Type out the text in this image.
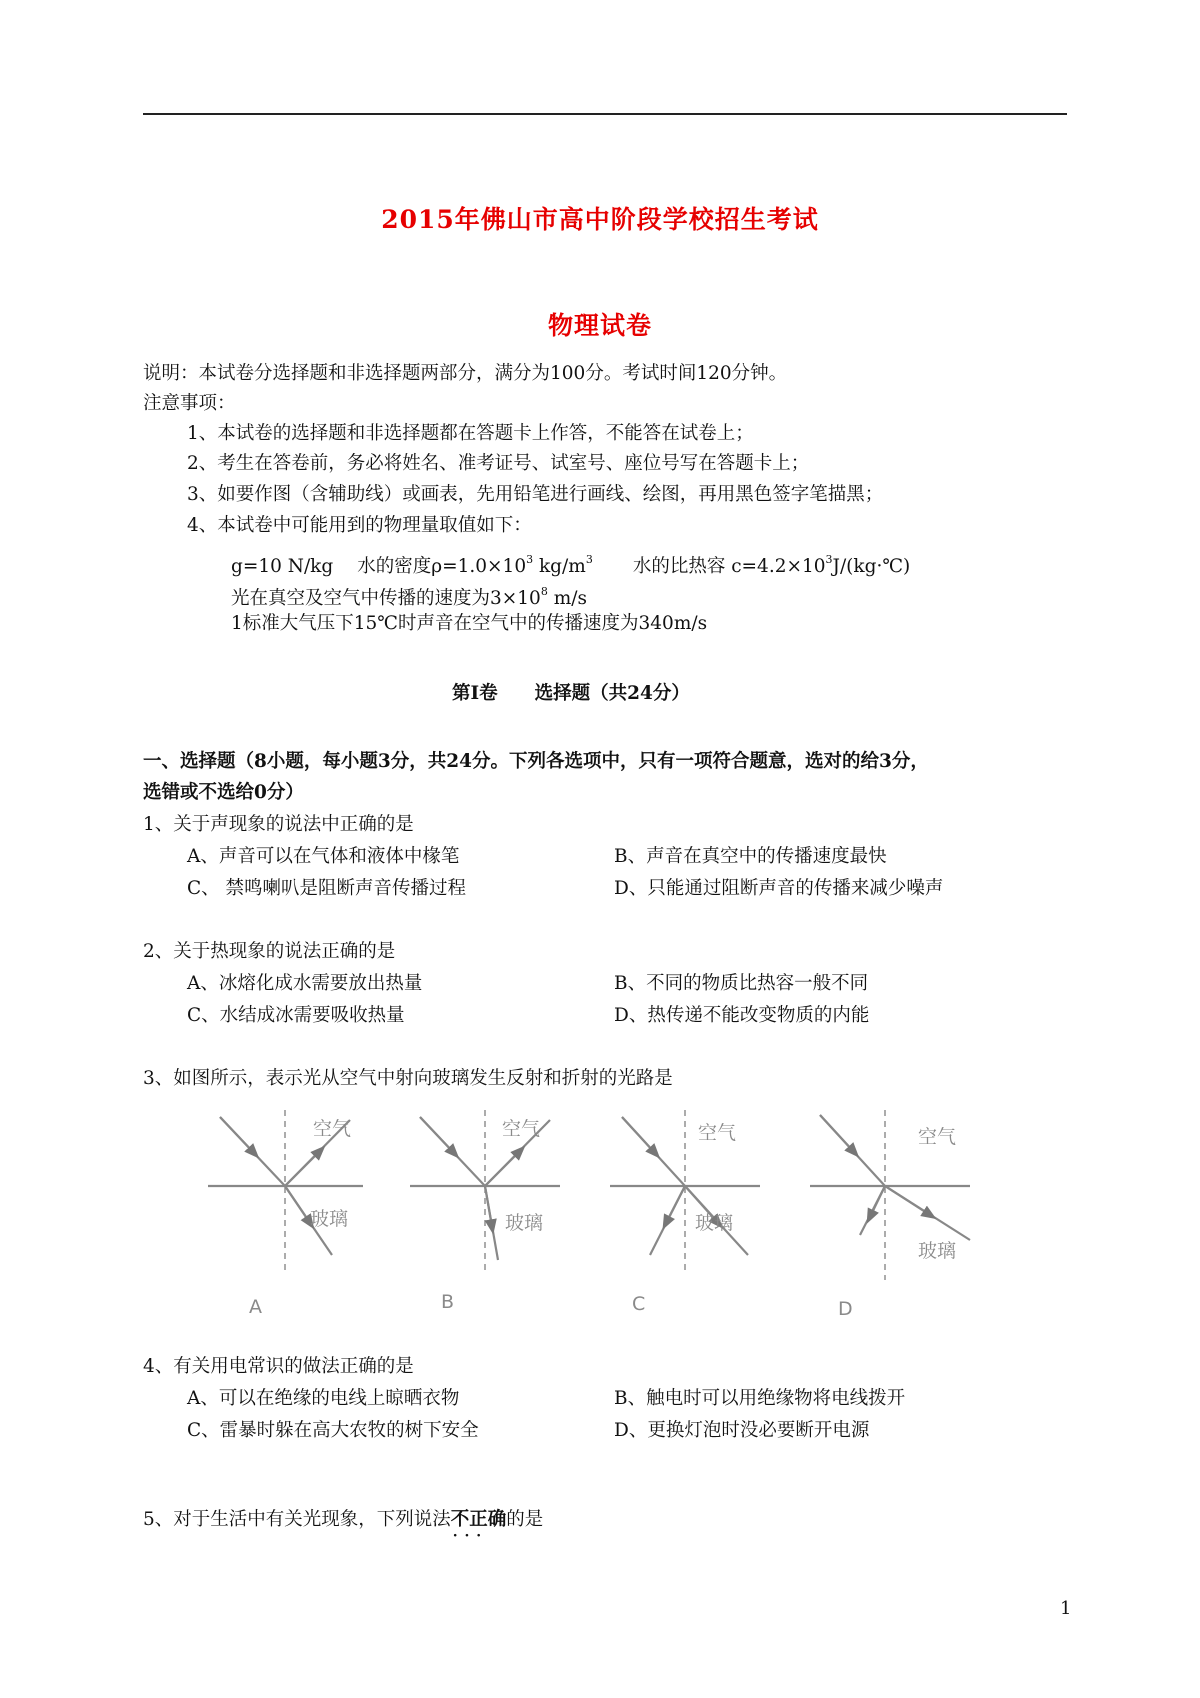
2015年佛山市高中阶段学校招生考试
物理试卷
说明：本试卷分选择题和非选择题两部分，满分为100分。考试时间120分钟。
注意事项：
1、本试卷的选择题和非选择题都在答题卡上作答，不能答在试卷上；
2、考生在答卷前，务必将姓名、准考证号、试室号、座位号写在答题卡上；
3、如要作图（含辅助线）或画表，先用铅笔进行画线、绘图，再用黑色签字笔描黑；
4、本试卷中可能用到的物理量取值如下：
g=10 N/kg 水的密度$\rho=1.0\times 10^3$ $kg/m^3$ 水的比热容 $c=4.2\times 10^3J/(kg\cdot℃)$
光在真空及空气中传播的速度为$3\times 10^8$ m/s
1标准大气压下15℃时声音在空气中的传播速度为340m/s
第Ⅰ卷　　选择题（共24分）
一、选择题（8小题，每小题3分，共24分。下列各选项中，只有一项符合题意，选对的给3分，
选错或不选给0分）
1、关于声现象的说法中正确的是
A、声音可以在气体和液体中椽笔	B、声音在真空中的传播速度最快
C、 禁鸣喇叭是阻断声音传播过程	D、只能通过阻断声音的传播来减少噪声
2、关于热现象的说法正确的是
A、冰熔化成水需要放出热量	B、不同的物质比热容一般不同
C、水结成冰需要吸收热量	D、热传递不能改变物质的内能
3、如图所示，表示光从空气中射向玻璃发生反射和折射的光路是
空气
玻璃
A
空气
玻璃
B
空气
玻璃
C
空气
玻璃
D
4、有关用电常识的做法正确的是
A、可以在绝缘的电线上晾晒衣物	B、触电时可以用绝缘物将电线拨开
C、雷暴时躲在高大农牧的树下安全	D、更换灯泡时没必要断开电源
5、对于生活中有关光现象，下列说法不正确 · · ·的是
1
